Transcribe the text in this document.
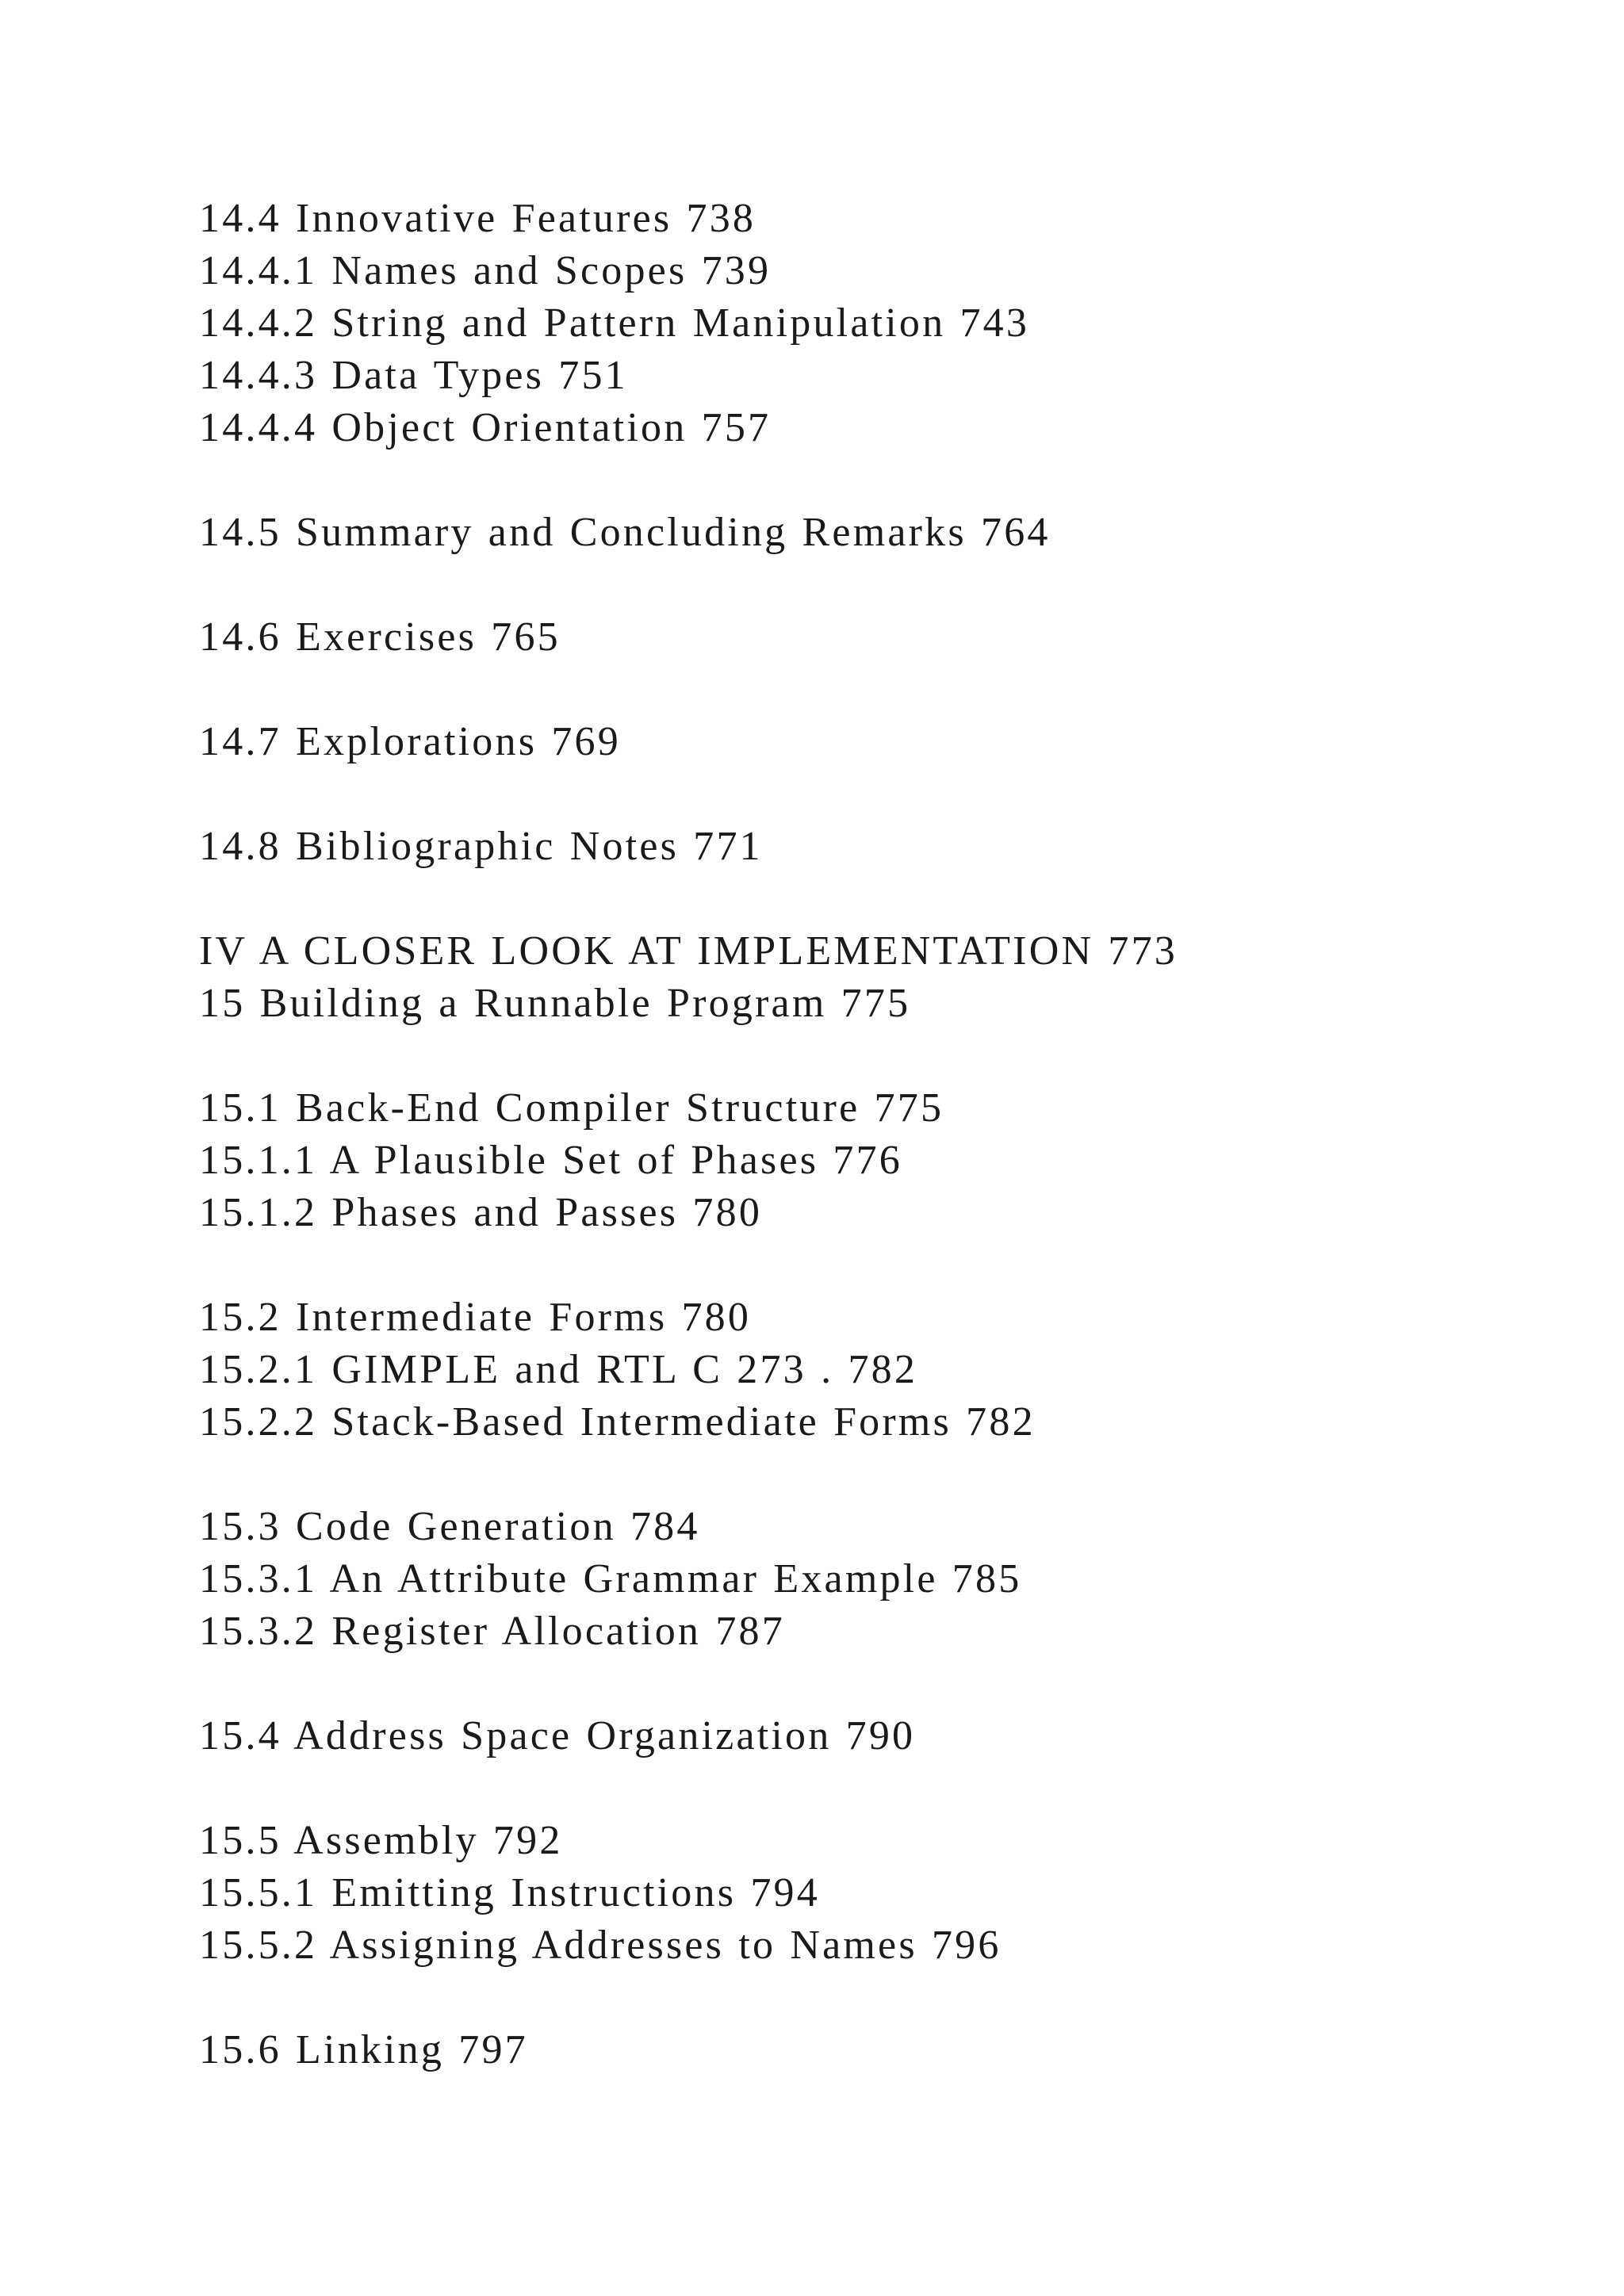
14.4 Innovative Features 738
14.4.1 Names and Scopes 739
14.4.2 String and Pattern Manipulation 743
14.4.3 Data Types 751
14.4.4 Object Orientation 757
14.5 Summary and Concluding Remarks 764
14.6 Exercises 765
14.7 Explorations 769
14.8 Bibliographic Notes 771
IV A CLOSER LOOK AT IMPLEMENTATION 773
15 Building a Runnable Program 775
15.1 Back-End Compiler Structure 775
15.1.1 A Plausible Set of Phases 776
15.1.2 Phases and Passes 780
15.2 Intermediate Forms 780
15.2.1 GIMPLE and RTL C 273 . 782
15.2.2 Stack-Based Intermediate Forms 782
15.3 Code Generation 784
15.3.1 An Attribute Grammar Example 785
15.3.2 Register Allocation 787
15.4 Address Space Organization 790
15.5 Assembly 792
15.5.1 Emitting Instructions 794
15.5.2 Assigning Addresses to Names 796
15.6 Linking 797
